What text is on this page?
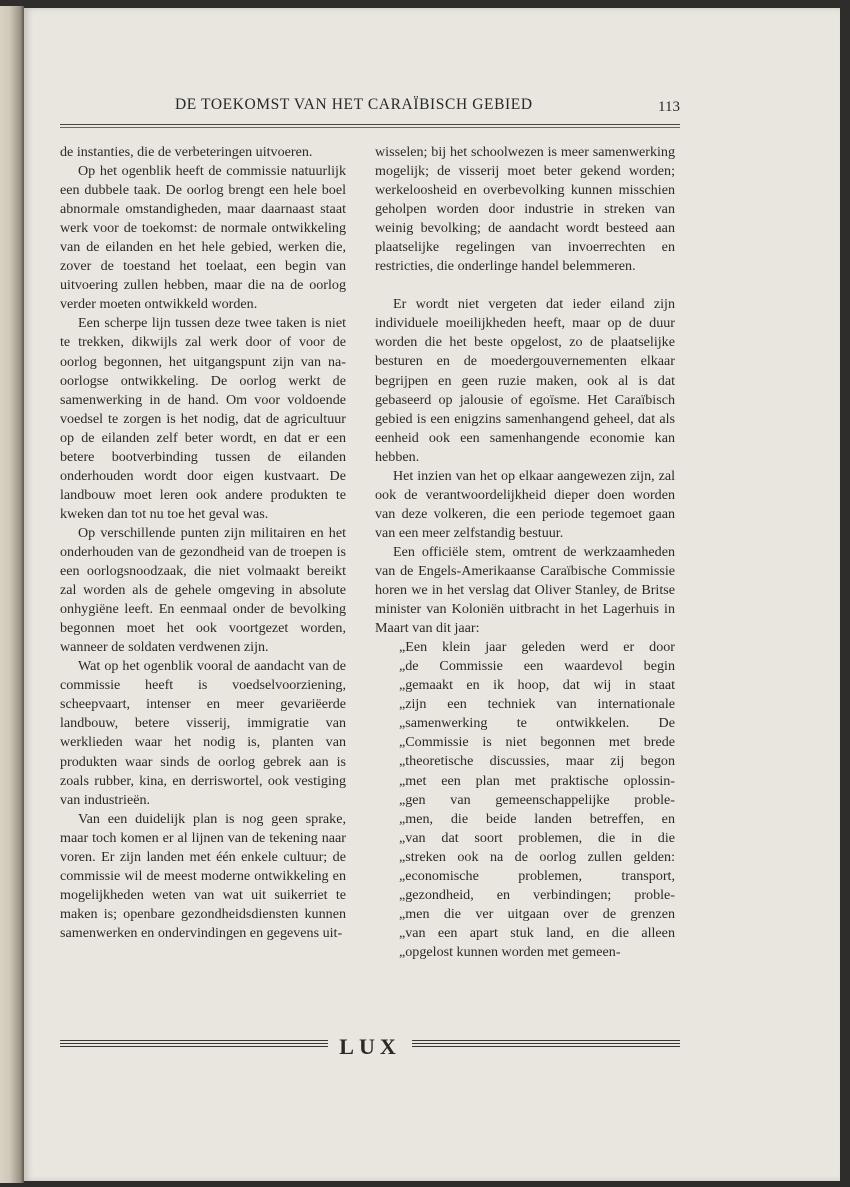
DE TOEKOMST VAN HET CARAÏBISCH GEBIED	113

de instanties, die de verbeteringen uitvoeren.

Op het ogenblik heeft de commissie natuurlijk een dubbele taak. De oorlog brengt een hele boel abnormale omstandigheden, maar daarnaast staat werk voor de toekomst: de normale ontwikkeling van de eilanden en het hele gebied, werken die, zover de toestand het toelaat, een begin van uitvoering zullen hebben, maar die na de oorlog verder moeten ontwikkeld worden.

Een scherpe lijn tussen deze twee taken is niet te trekken, dikwijls zal werk door of voor de oorlog begonnen, het uitgangspunt zijn van na-oorlogse ontwikkeling. De oorlog werkt de samenwerking in de hand. Om voor voldoende voedsel te zorgen is het nodig, dat de agricultuur op de eilanden zelf beter wordt, en dat er een betere bootverbinding tussen de eilanden onderhouden wordt door eigen kustvaart. De landbouw moet leren ook andere produkten te kweken dan tot nu toe het geval was.

Op verschillende punten zijn militairen en het onderhouden van de gezondheid van de troepen is een oorlogsnoodzaak, die niet volmaakt bereikt zal worden als de gehele omgeving in absolute onhygiëne leeft. En eenmaal onder de bevolking begonnen moet het ook voortgezet worden, wanneer de soldaten verdwenen zijn.

Wat op het ogenblik vooral de aandacht van de commissie heeft is voedselvoorziening, scheepvaart, intenser en meer gevariëerde landbouw, betere visserij, immigratie van werklieden waar het nodig is, planten van produkten waar sinds de oorlog gebrek aan is zoals rubber, kina, en derriswortel, ook vestiging van industrieën.

Van een duidelijk plan is nog geen sprake, maar toch komen er al lijnen van de tekening naar voren. Er zijn landen met één enkele cultuur; de commissie wil de meest moderne ontwikkeling en mogelijkheden weten van wat uit suikerriet te maken is; openbare gezondheidsdiensten kunnen samenwerken en ondervindingen en gegevens uit-

wisselen; bij het schoolwezen is meer samenwerking mogelijk; de visserij moet beter gekend worden; werkeloosheid en overbevolking kunnen misschien geholpen worden door industrie in streken van weinig bevolking; de aandacht wordt besteed aan plaatselijke regelingen van invoerrechten en restricties, die onderlinge handel belemmeren.

Er wordt niet vergeten dat ieder eiland zijn individuele moeilijkheden heeft, maar op de duur worden die het beste opgelost, zo de plaatselijke besturen en de moedergouvernementen elkaar begrijpen en geen ruzie maken, ook al is dat gebaseerd op jalousie of egoïsme. Het Caraïbisch gebied is een enigzins samenhangend geheel, dat als eenheid ook een samenhangende economie kan hebben.

Het inzien van het op elkaar aangewezen zijn, zal ook de verantwoordelijkheid dieper doen worden van deze volkeren, die een periode tegemoet gaan van een meer zelfstandig bestuur.

Een officiële stem, omtrent de werkzaamheden van de Engels-Amerikaanse Caraïbische Commissie horen we in het verslag dat Oliver Stanley, de Britse minister van Koloniën uitbracht in het Lagerhuis in Maart van dit jaar:

„Een klein jaar geleden werd er door
„de Commissie een waardevol begin
„gemaakt en ik hoop, dat wij in staat
„zijn een techniek van internationale
„samenwerking te ontwikkelen. De
„Commissie is niet begonnen met brede
„theoretische discussies, maar zij begon
„met een plan met praktische oplossin-
„gen van gemeenschappelijke proble-
„men, die beide landen betreffen, en
„van dat soort problemen, die in die
„streken ook na de oorlog zullen gelden:
„economische problemen, transport,
„gezondheid, en verbindingen; proble-
„men die ver uitgaan over de grenzen
„van een apart stuk land, en die alleen
„opgelost kunnen worden met gemeen-
LUX
